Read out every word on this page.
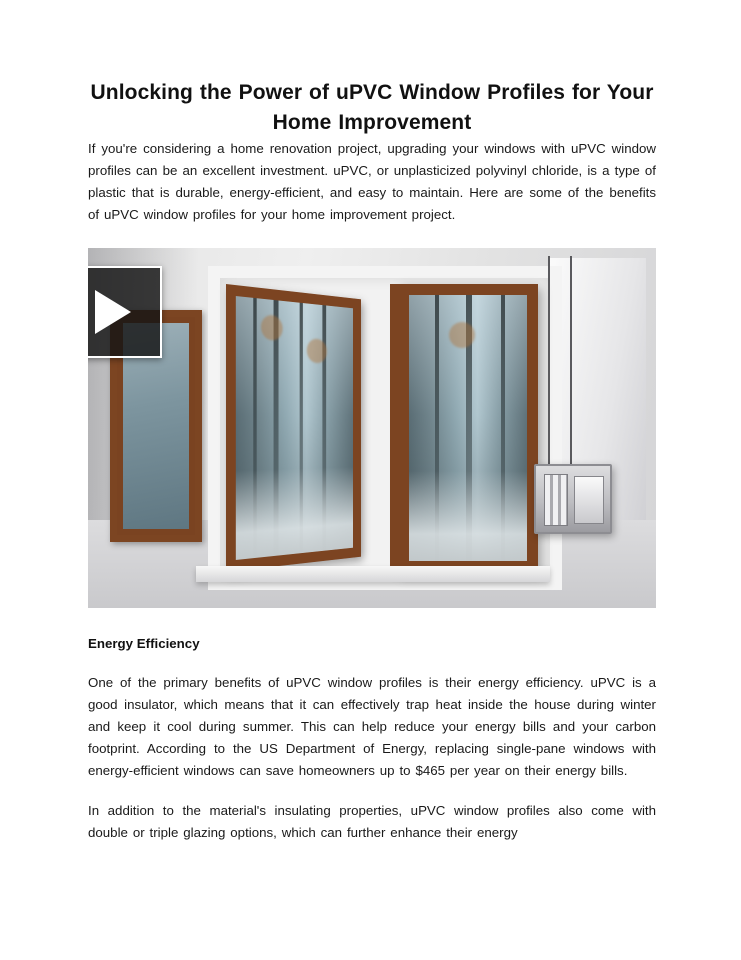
Unlocking the Power of uPVC Window Profiles for Your Home Improvement

If you're considering a home renovation project, upgrading your windows with uPVC window profiles can be an excellent investment. uPVC, or unplasticized polyvinyl chloride, is a type of plastic that is durable, energy-efficient, and easy to maintain. Here are some of the benefits of uPVC window profiles for your home improvement project.

Energy Efficiency

One of the primary benefits of uPVC window profiles is their energy efficiency. uPVC is a good insulator, which means that it can effectively trap heat inside the house during winter and keep it cool during summer. This can help reduce your energy bills and your carbon footprint. According to the US Department of Energy, replacing single-pane windows with energy-efficient windows can save homeowners up to $465 per year on their energy bills.

In addition to the material's insulating properties, uPVC window profiles also come with double or triple glazing options, which can further enhance their energy
